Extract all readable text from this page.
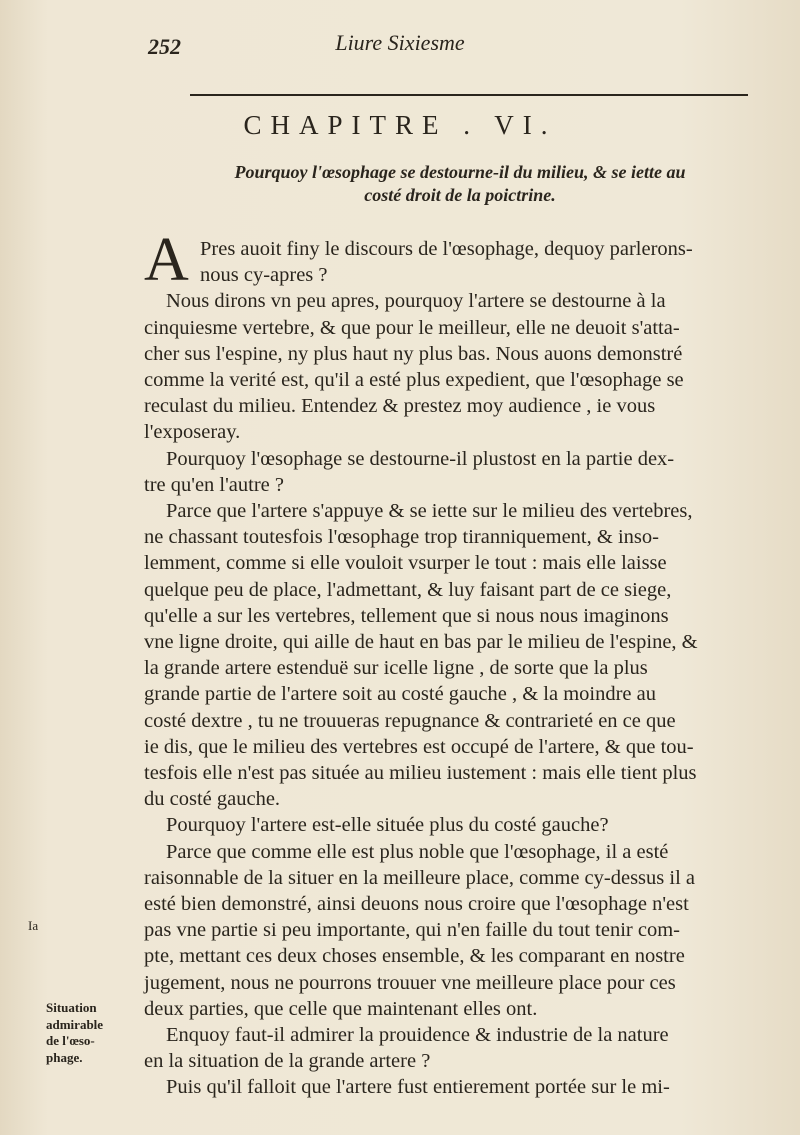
252	Liure Sixiesme
CHAPITRE . VI.
Pourquoy l'œsophage se destourne-il du milieu, & se iette au
costé droit de la poictrine.
A Pres auoit finy le discours de l'œsophage, dequoy parlerons-
nous cy-apres ?
Nous dirons vn peu apres, pourquoy l'artere se destourne à la
cinquiesme vertebre, & que pour le meilleur, elle ne deuoit s'atta-
cher sus l'espine, ny plus haut ny plus bas. Nous auons demonstré
comme la verité est, qu'il a esté plus expedient, que l'œsophage se
reculast du milieu. Entendez & prestez moy audience , ie vous
l'exposeray.
Pourquoy l'œsophage se destourne-il plustost en la partie dex-
tre qu'en l'autre ?
Parce que l'artere s'appuye & se iette sur le milieu des vertebres,
ne chassant toutesfois l'œsophage trop tiranniquement, & inso-
lemment, comme si elle vouloit vsurper le tout : mais elle laisse
quelque peu de place, l'admettant, & luy faisant part de ce siege,
qu'elle a sur les vertebres, tellement que si nous nous imaginons
vne ligne droite, qui aille de haut en bas par le milieu de l'espine, &
la grande artere estenduë sur icelle ligne , de sorte que la plus
grande partie de l'artere soit au costé gauche , & la moindre au
costé dextre , tu ne trouueras repugnance & contrarieté en ce que
ie dis, que le milieu des vertebres est occupé de l'artere, & que tou-
tesfois elle n'est pas située au milieu iustement : mais elle tient plus
du costé gauche.
Pourquoy l'artere est-elle située plus du costé gauche?
Parce que comme elle est plus noble que l'œsophage, il a esté
raisonnable de la situer en la meilleure place, comme cy-dessus il a
esté bien demonstré, ainsi deuons nous croire que l'œsophage n'est
pas vne partie si peu importante, qui n'en faille du tout tenir com-
pte, mettant ces deux choses ensemble, & les comparant en nostre
jugement, nous ne pourrons trouuer vne meilleure place pour ces
deux parties, que celle que maintenant elles ont.
Enquoy faut-il admirer la prouidence & industrie de la nature
en la situation de la grande artere ?
Puis qu'il falloit que l'artere fust entierement portée sur le mi-
Ia
Situation
admirable
de l'œso-
phage.
